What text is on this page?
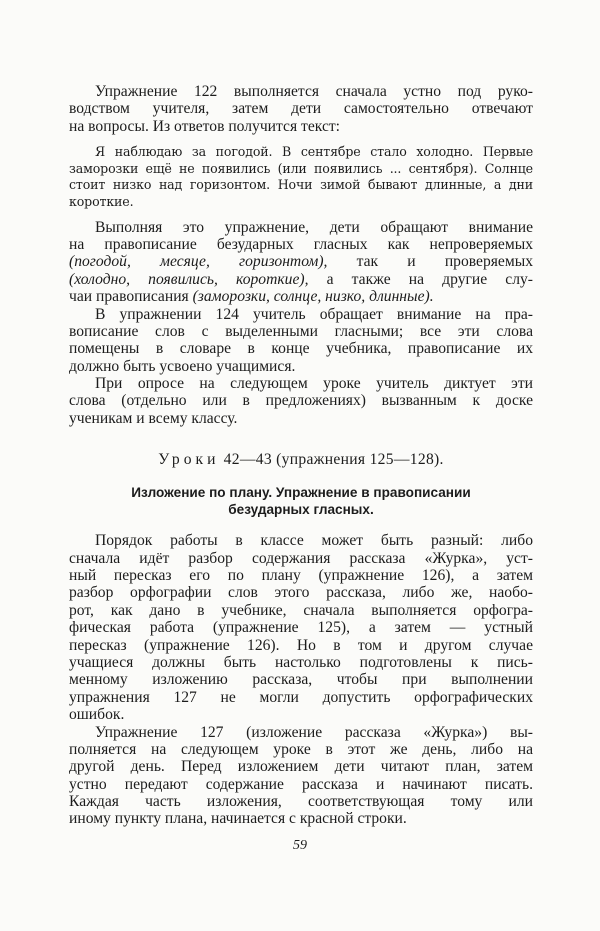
Упражнение 122 выполняется сначала устно под руко-
водством учителя, затем дети самостоятельно отвечают
на вопросы. Из ответов получится текст:
Я наблюдаю за погодой. В сентябре стало холодно. Первые
заморозки ещё не появились (или появились ... сентября). Солнце
стоит низко над горизонтом. Ночи зимой бывают длинные, а дни
короткие.
Выполняя это упражнение, дети обращают внимание
на правописание безударных гласных как непроверяемых
(погодой, месяце, горизонтом), так и проверяемых
(холодно, появились, короткие), а также на другие слу-
чаи правописания (заморозки, солнце, низко, длинные).
В упражнении 124 учитель обращает внимание на пра-
вописание слов с выделенными гласными; все эти слова
помещены в словаре в конце учебника, правописание их
должно быть усвоено учащимися.
При опросе на следующем уроке учитель диктует эти
слова (отдельно или в предложениях) вызванным к доске
ученикам и всему классу.
Уроки 42—43 (упражнения 125—128).
Изложение по плану. Упражнение в правописании
безударных гласных.
Порядок работы в классе может быть разный: либо
сначала идёт разбор содержания рассказа «Журка», уст-
ный пересказ его по плану (упражнение 126), а затем
разбор орфографии слов этого рассказа, либо же, наобо-
рот, как дано в учебнике, сначала выполняется орфогра-
фическая работа (упражнение 125), а затем — устный
пересказ (упражнение 126). Но в том и другом случае
учащиеся должны быть настолько подготовлены к пись-
менному изложению рассказа, чтобы при выполнении
упражнения 127 не могли допустить орфографических
ошибок.
Упражнение 127 (изложение рассказа «Журка») вы-
полняется на следующем уроке в этот же день, либо на
другой день. Перед изложением дети читают план, затем
устно передают содержание рассказа и начинают писать.
Каждая часть изложения, соответствующая тому или
иному пункту плана, начинается с красной строки.
59
